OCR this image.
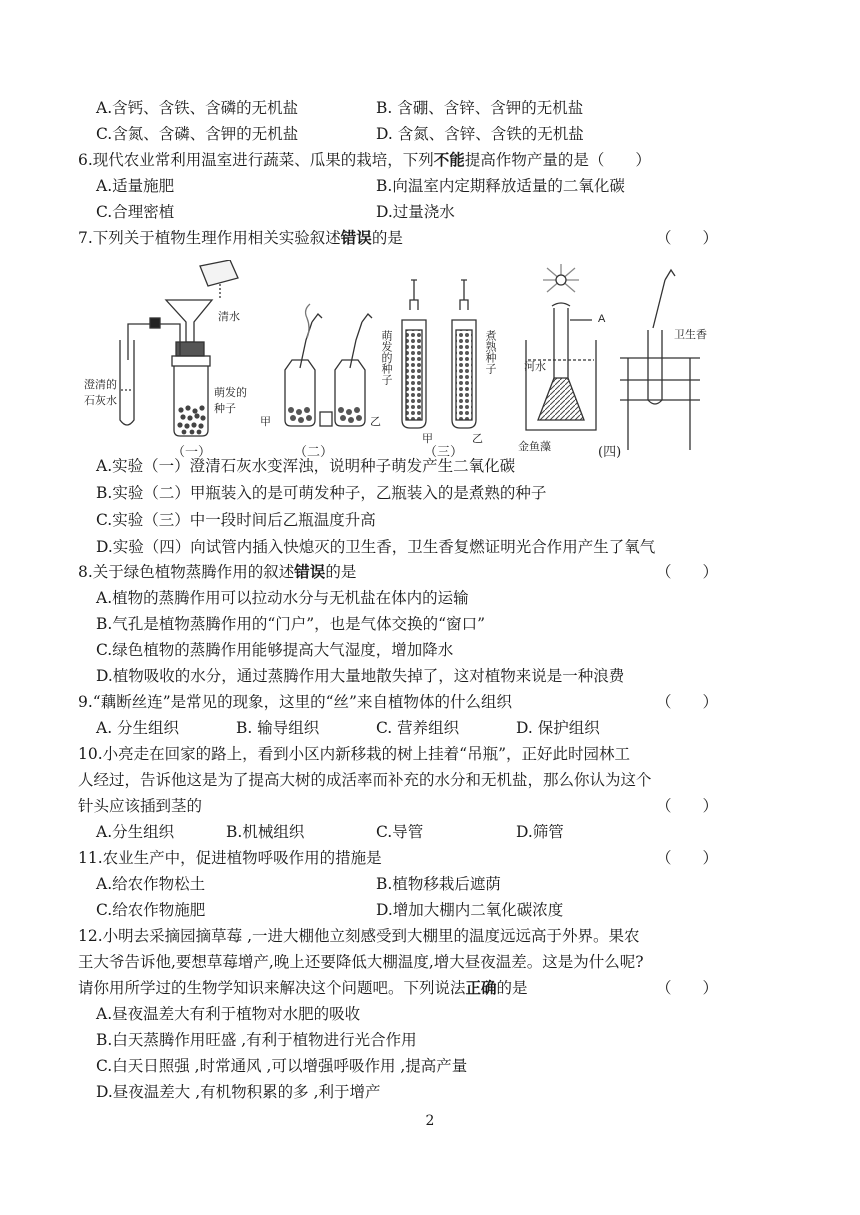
A.含钙、含铁、含磷的无机盐	B. 含硼、含锌、含钾的无机盐
C.含氮、含磷、含钾的无机盐	D. 含氮、含锌、含铁的无机盐
6.现代农业常利用温室进行蔬菜、瓜果的栽培，下列不能提高作物产量的是（　　）
A.适量施肥	B.向温室内定期释放适量的二氧化碳
C.合理密植	D.过量浇水
7.下列关于植物生理作用相关实验叙述错误的是	（　　）
清水
澄清的
石灰水
萌发的
种子
甲	乙
甲	乙
萌发的种子	煮熟种子
A
河水
金鱼藻
卫生香
（一）	（二）	（三）	(四)
A.实验（一）澄清石灰水变浑浊，说明种子萌发产生二氧化碳
B.实验（二）甲瓶装入的是可萌发种子，乙瓶装入的是煮熟的种子
C.实验（三）中一段时间后乙瓶温度升高
D.实验（四）向试管内插入快熄灭的卫生香，卫生香复燃证明光合作用产生了氧气
8.关于绿色植物蒸腾作用的叙述错误的是	（　　）
A.植物的蒸腾作用可以拉动水分与无机盐在体内的运输
B.气孔是植物蒸腾作用的“门户”，也是气体交换的“窗口”
C.绿色植物的蒸腾作用能够提高大气湿度，增加降水
D.植物吸收的水分，通过蒸腾作用大量地散失掉了，这对植物来说是一种浪费
9.“藕断丝连”是常见的现象，这里的“丝”来自植物体的什么组织	（　　）
A. 分生组织	B. 输导组织	C. 营养组织	D. 保护组织
10.小亮走在回家的路上，看到小区内新移栽的树上挂着“吊瓶”，正好此时园林工
人经过，告诉他这是为了提高大树的成活率而补充的水分和无机盐，那么你认为这个
针头应该插到茎的	（　　）
A.分生组织	B.机械组织	C.导管	D.筛管
11.农业生产中，促进植物呼吸作用的措施是	（　　）
A.给农作物松土	B.植物移栽后遮荫
C.给农作物施肥	D.增加大棚内二氧化碳浓度
12.小明去采摘园摘草莓 ,一进大棚他立刻感受到大棚里的温度远远高于外界。果农
王大爷告诉他,要想草莓增产,晚上还要降低大棚温度,增大昼夜温差。这是为什么呢?
请你用所学过的生物学知识来解决这个问题吧。下列说法正确的是	（　　）
A.昼夜温差大有利于植物对水肥的吸收
B.白天蒸腾作用旺盛 ,有利于植物进行光合作用
C.白天日照强 ,时常通风 ,可以增强呼吸作用 ,提高产量
D.昼夜温差大 ,有机物积累的多 ,利于增产
2
